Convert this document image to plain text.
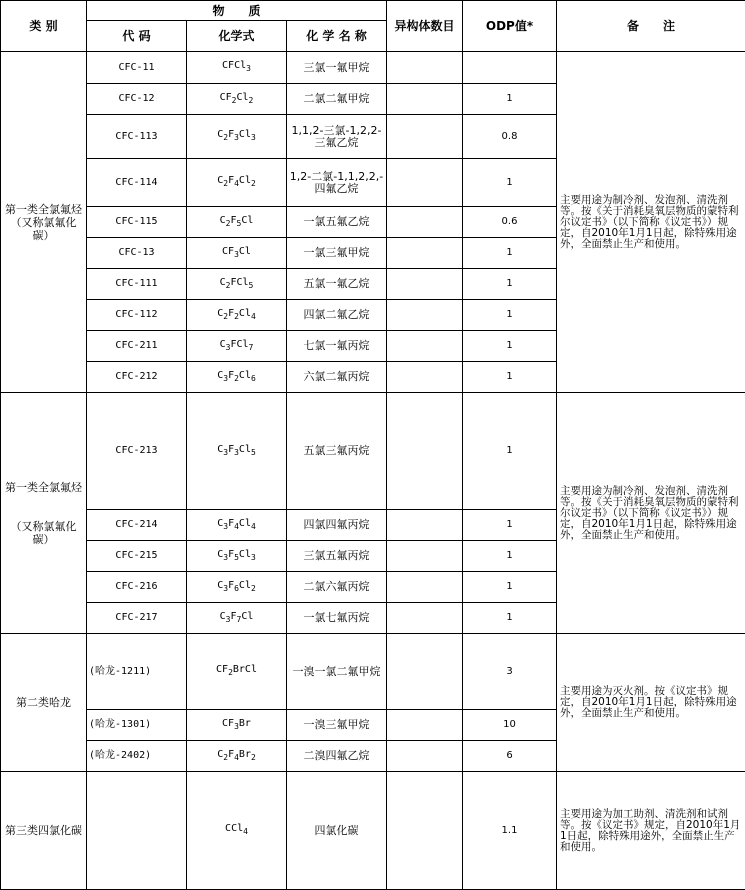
类 别	物　　质			异构体数目	ODP值*	备　　注
	代 码	化学式	化 学 名 称			

第一类全氯氟烃
（又称氯氟化碳）	CFC-11	CFCl$_3$	三氯一氟甲烷			主要用途为制冷剂、发泡剂、清洗剂等。按《关于消耗臭氧层物质的蒙特利尔议定书》（以下简称《议定书》）规定，自2010年1月1日起，除特殊用途外，全面禁止生产和使用。
	CFC-12	$CF_2Cl_2$	二氯二氟甲烷		1	
	CFC-113	$C_2F_3Cl_3$	1,1,2-三氯-1,2,2-三氟乙烷		0.8	
	CFC-114	$C_2F_4Cl_2$	1,2-二氯-1,1,2,2,-四氟乙烷		1	
	CFC-115	$C_2F_5Cl$	一氯五氟乙烷		0.6	
	CFC-13	$CF_3Cl$	一氯三氟甲烷		1	
	CFC-111	$C_2FCl_5$	五氯一氟乙烷		1	
	CFC-112	$C_2F_2Cl_4$	四氯二氟乙烷		1	
	CFC-211	$C_3FCl_7$	七氯一氟丙烷		1	
	CFC-212	$C_3F_2Cl_6$	六氯二氟丙烷		1	

第一类全氯氟烃
（又称氯氟化碳）	CFC-213	$C_3F_3Cl_5$	五氯三氟丙烷		1	主要用途为制冷剂、发泡剂、清洗剂等。按《关于消耗臭氧层物质的蒙特利尔议定书》（以下简称《议定书》）规定，自2010年1月1日起，除特殊用途外，全面禁止生产和使用。
	CFC-214	$C_3F_4Cl_4$	四氯四氟丙烷		1	
	CFC-215	$C_3F_5Cl_3$	三氯五氟丙烷		1	
	CFC-216	$C_3F_6Cl_2$	二氯六氟丙烷		1	
	CFC-217	$C_3F_7Cl$	一氯七氟丙烷		1	

第二类哈龙	(哈龙-1211)	$CF_2BrCl$	一溴一氯二氟甲烷		3	主要用途为灭火剂。按《议定书》规定，自2010年1月1日起，除特殊用途外，全面禁止生产和使用。
	(哈龙-1301)	$CF_3Br$	一溴三氟甲烷		10	
	(哈龙-2402)	$C_2F_4Br_2$	二溴四氟乙烷		6	

第三类四氯化碳		CCl$_4$	四氯化碳		1.1	主要用途为加工助剂、清洗剂和试剂等。按《议定书》规定，自2010年1月1日起，除特殊用途外，全面禁止生产和使用。
